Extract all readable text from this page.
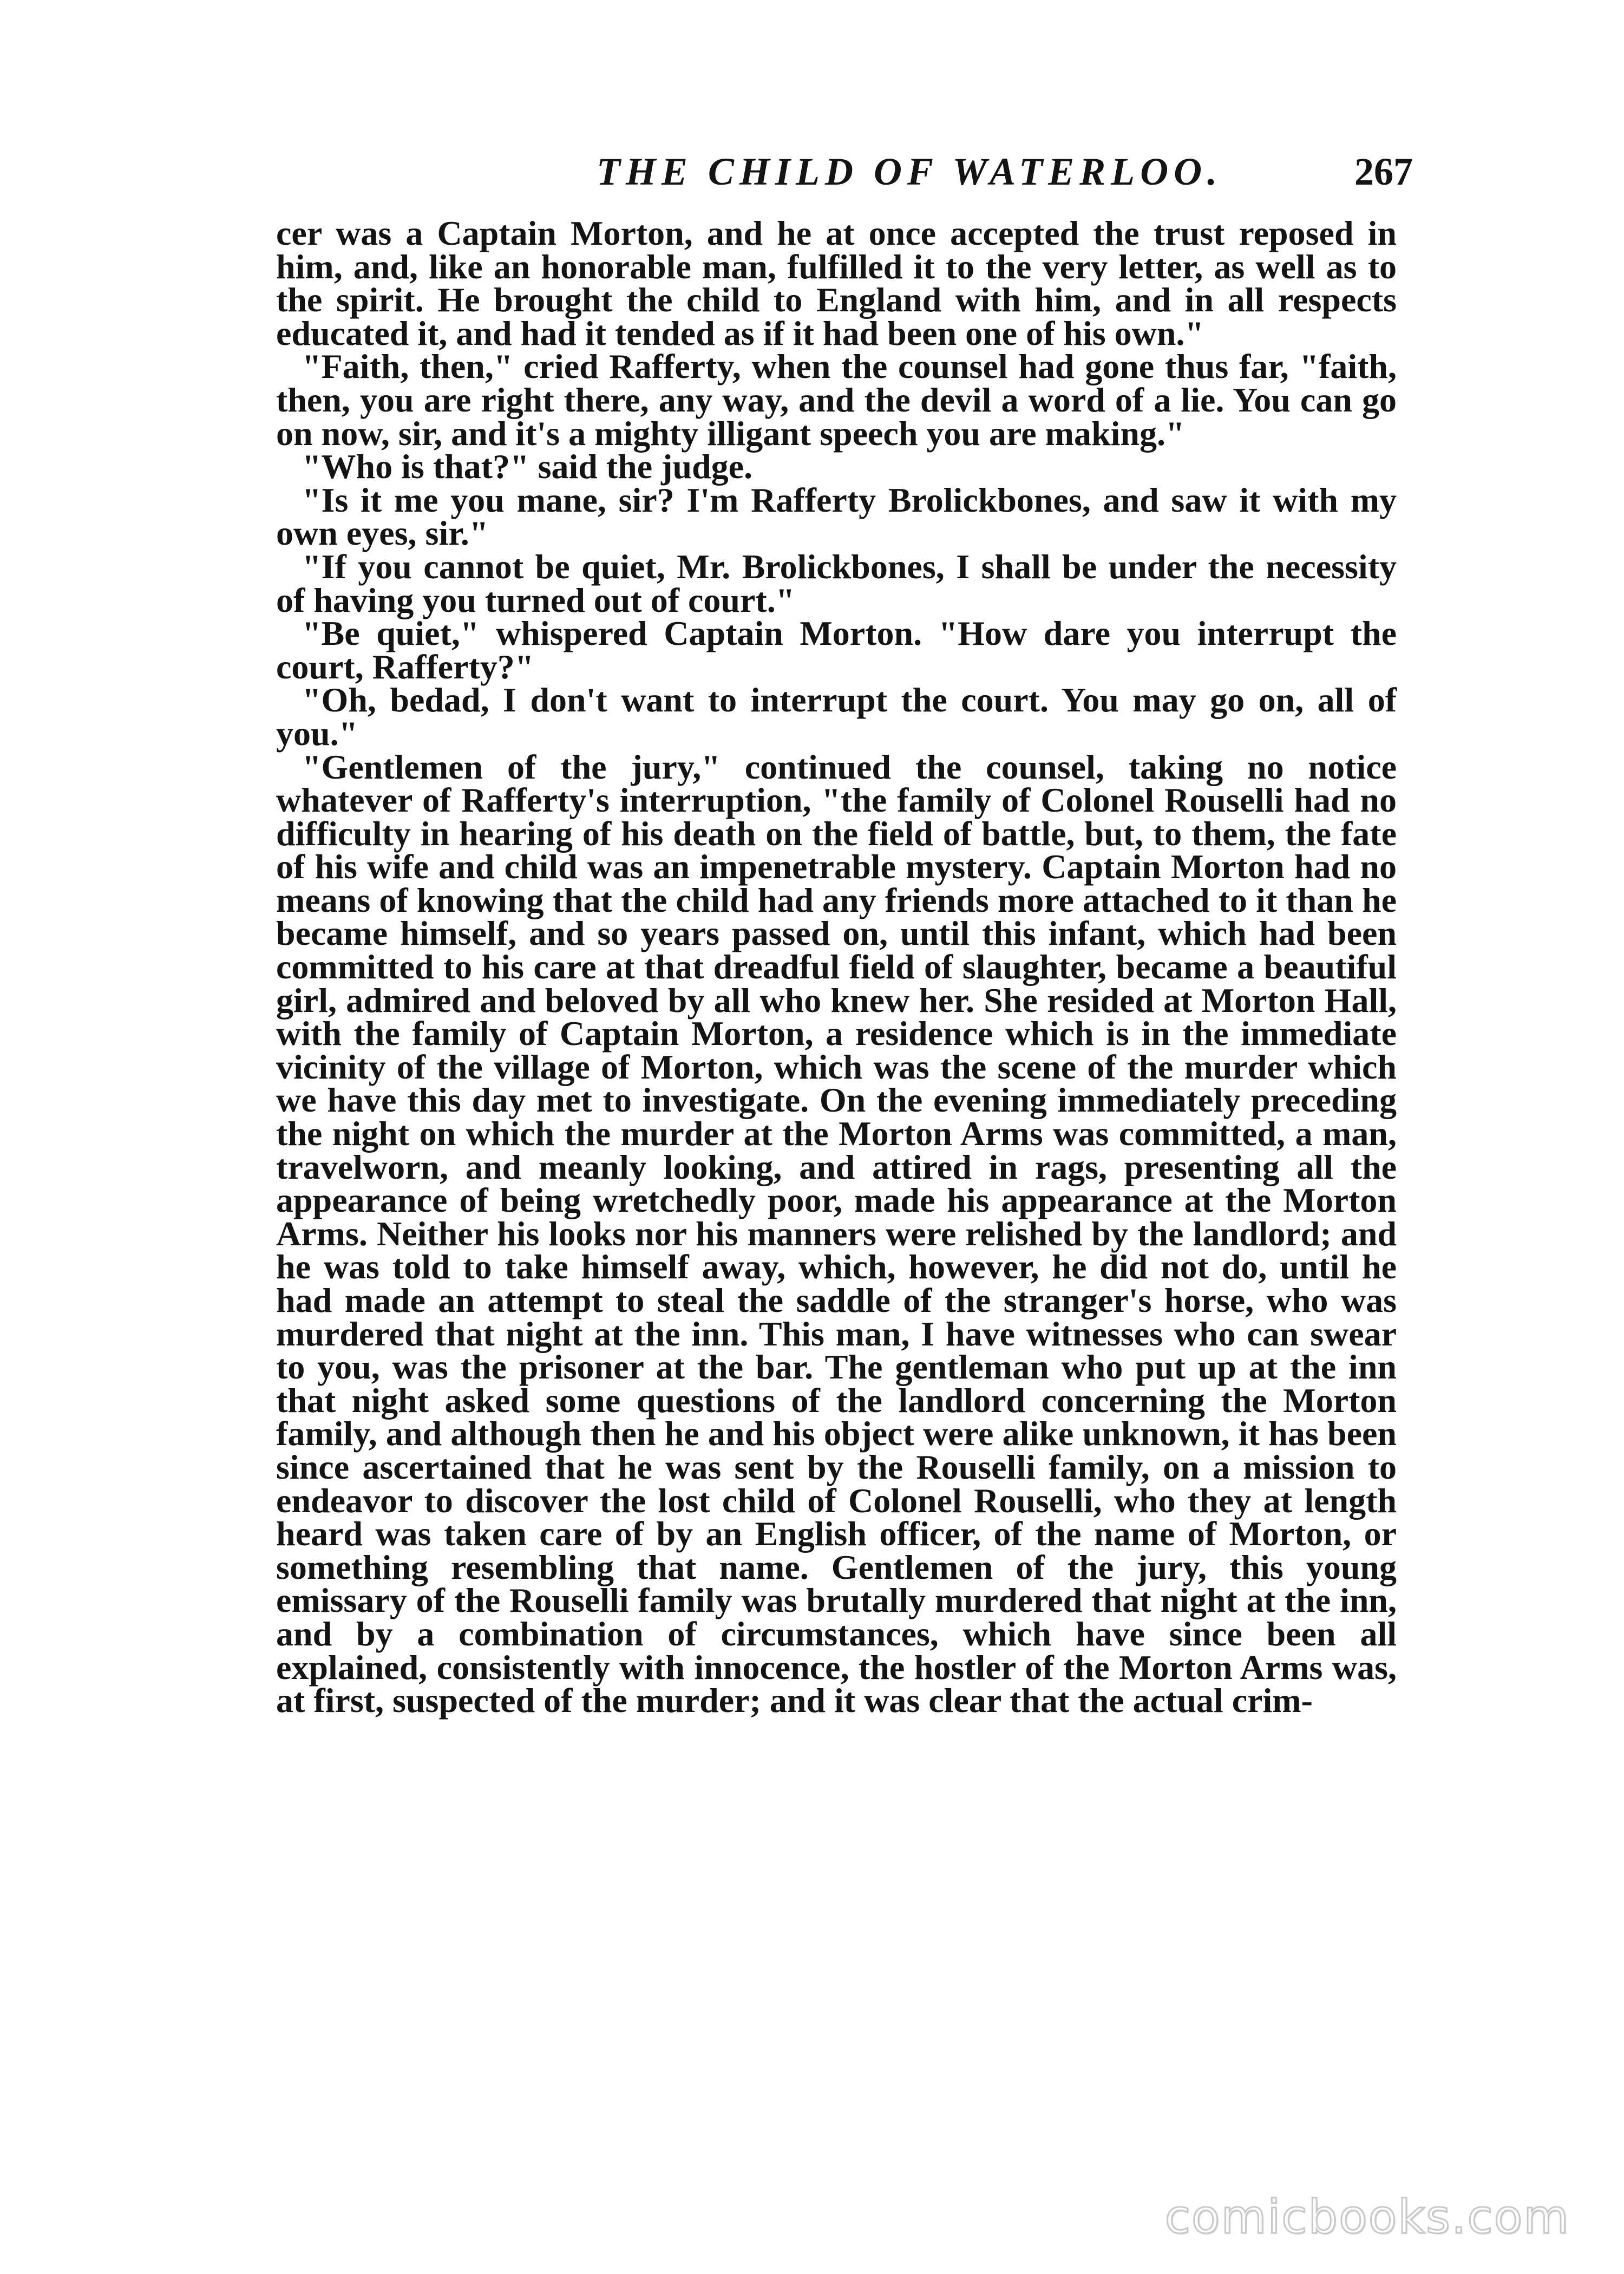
THE CHILD OF WATERLOO.	267

cer was a Captain Morton, and he at once accepted the trust reposed in him, and, like an honorable man, fulfilled it to the very letter, as well as to the spirit. He brought the child to England with him, and in all respects educated it, and had it tended as if it had been one of his own."

"Faith, then," cried Rafferty, when the counsel had gone thus far, "faith, then, you are right there, any way, and the devil a word of a lie. You can go on now, sir, and it's a mighty illigant speech you are making."

"Who is that?" said the judge.

"Is it me you mane, sir? I'm Rafferty Brolickbones, and saw it with my own eyes, sir."

"If you cannot be quiet, Mr. Brolickbones, I shall be under the necessity of having you turned out of court."

"Be quiet," whispered Captain Morton. "How dare you interrupt the court, Rafferty?"

"Oh, bedad, I don't want to interrupt the court. You may go on, all of you."

"Gentlemen of the jury," continued the counsel, taking no notice whatever of Rafferty's interruption, "the family of Colonel Rouselli had no difficulty in hearing of his death on the field of battle, but, to them, the fate of his wife and child was an impenetrable mystery. Captain Morton had no means of knowing that the child had any friends more attached to it than he became himself, and so years passed on, until this infant, which had been committed to his care at that dreadful field of slaughter, became a beautiful girl, admired and beloved by all who knew her. She resided at Morton Hall, with the family of Captain Morton, a residence which is in the immediate vicinity of the village of Morton, which was the scene of the murder which we have this day met to investigate. On the evening immediately preceding the night on which the murder at the Morton Arms was committed, a man, travelworn, and meanly looking, and attired in rags, presenting all the appearance of being wretchedly poor, made his appearance at the Morton Arms. Neither his looks nor his manners were relished by the landlord; and he was told to take himself away, which, however, he did not do, until he had made an attempt to steal the saddle of the stranger's horse, who was murdered that night at the inn. This man, I have witnesses who can swear to you, was the prisoner at the bar. The gentleman who put up at the inn that night asked some questions of the landlord concerning the Morton family, and although then he and his object were alike unknown, it has been since ascertained that he was sent by the Rouselli family, on a mission to endeavor to discover the lost child of Colonel Rouselli, who they at length heard was taken care of by an English officer, of the name of Morton, or something resembling that name. Gentlemen of the jury, this young emissary of the Rouselli family was brutally murdered that night at the inn, and by a combination of circumstances, which have since been all explained, consistently with innocence, the hostler of the Morton Arms was, at first, suspected of the murder; and it was clear that the actual crim-

comicbooks.com
